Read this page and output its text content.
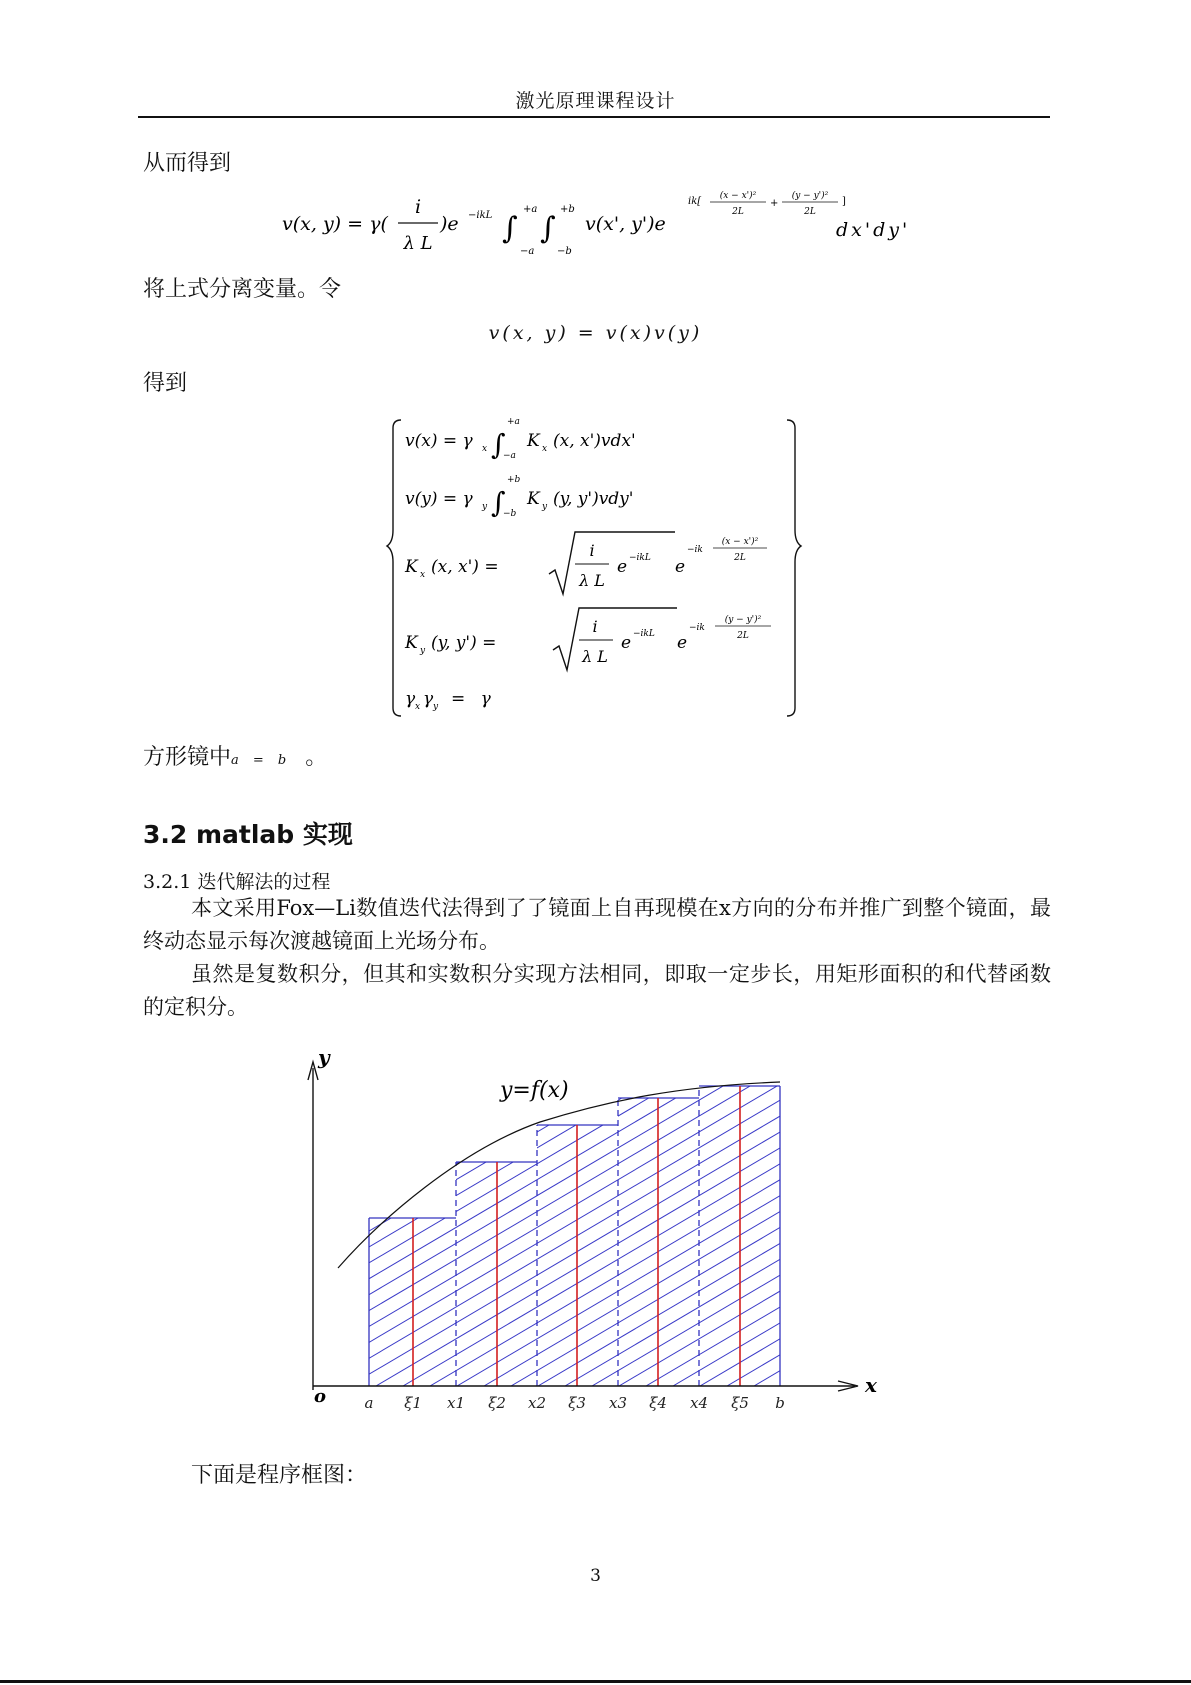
激光原理课程设计
从而得到
v(x, y) = γ(
i
λ L
)e −ikL ∫
+a
−a
∫
+b
−b
v(x', y')e
ik[ (x − x')²
2L
+
(y − y')²
2L
]
dx'dy'
将上式分离变量。令
v(x, y) = v(x)v(y)
得到
v(x) = γ x ∫
+a
−a
K x (x, x')vdx'
v(y) = γ y ∫
+b
−b
K y (y, y')vdy'
K x (x, x') =
i
λ L
e −ikL e
−ik
(x − x')²
2L
K y (y, y') =
i
λ L
e −ikL e
−ik
(y − y')²
2L
γ x γ y = γ
方形镜中a = b 。
3.2 matlab 实现
3.2.1 迭代解法的过程
本文采用Fox—Li数值迭代法得到了了镜面上自再现模在x方向的分布并推广到整个镜面，最终动态显示每次渡越镜面上光场分布。
虽然是复数积分，但其和实数积分实现方法相同，即取一定步长，用矩形面积的和代替函数的定积分。
y
x
o
y=f(x)
a ξ1 x1 ξ2 x2 ξ3 x3 ξ4 x4 ξ5 b
下面是程序框图：
3
